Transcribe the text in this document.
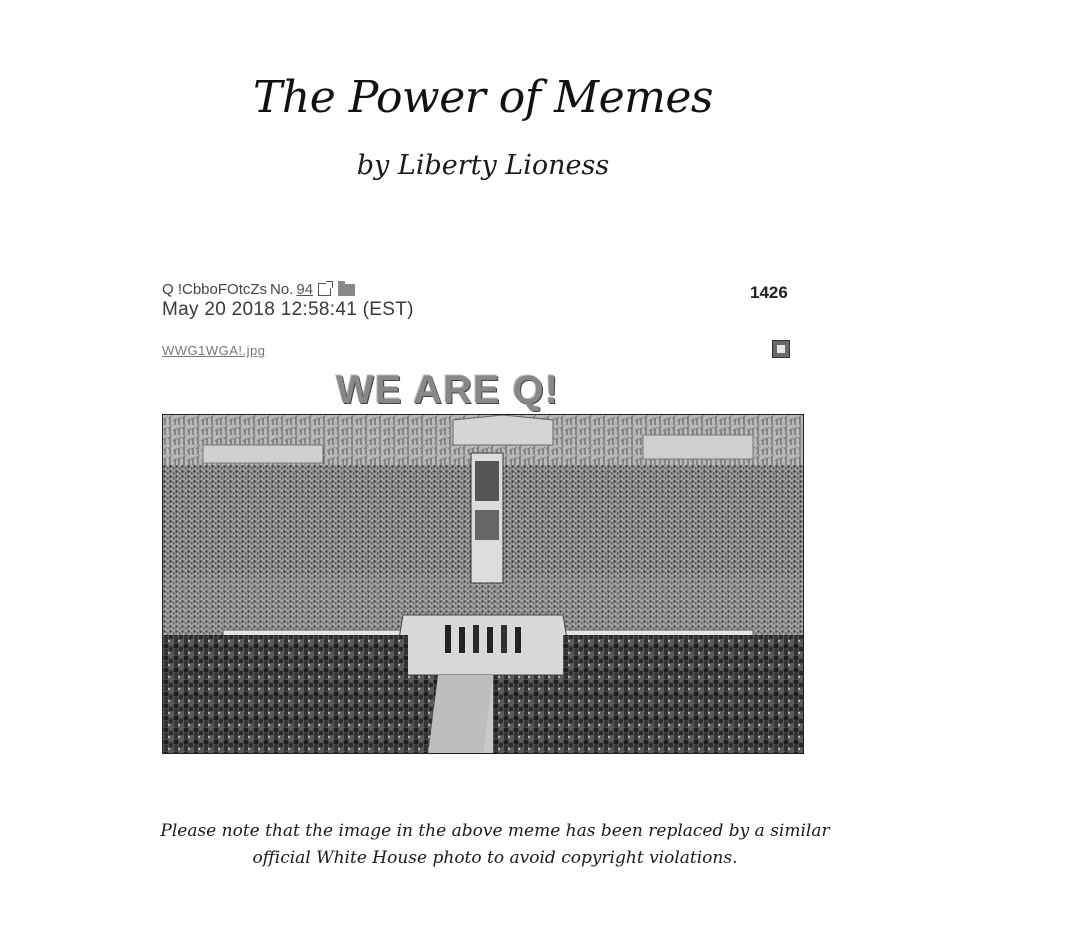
The Power of Memes
by Liberty Lioness
Q !CbboFOtcZs No. 94
May 20 2018 12:58:41 (EST)
1426
WWG1WGA!.jpg
WE ARE Q!
Please note that the image in the above meme has been replaced by a similar
official White House photo to avoid copyright violations.
